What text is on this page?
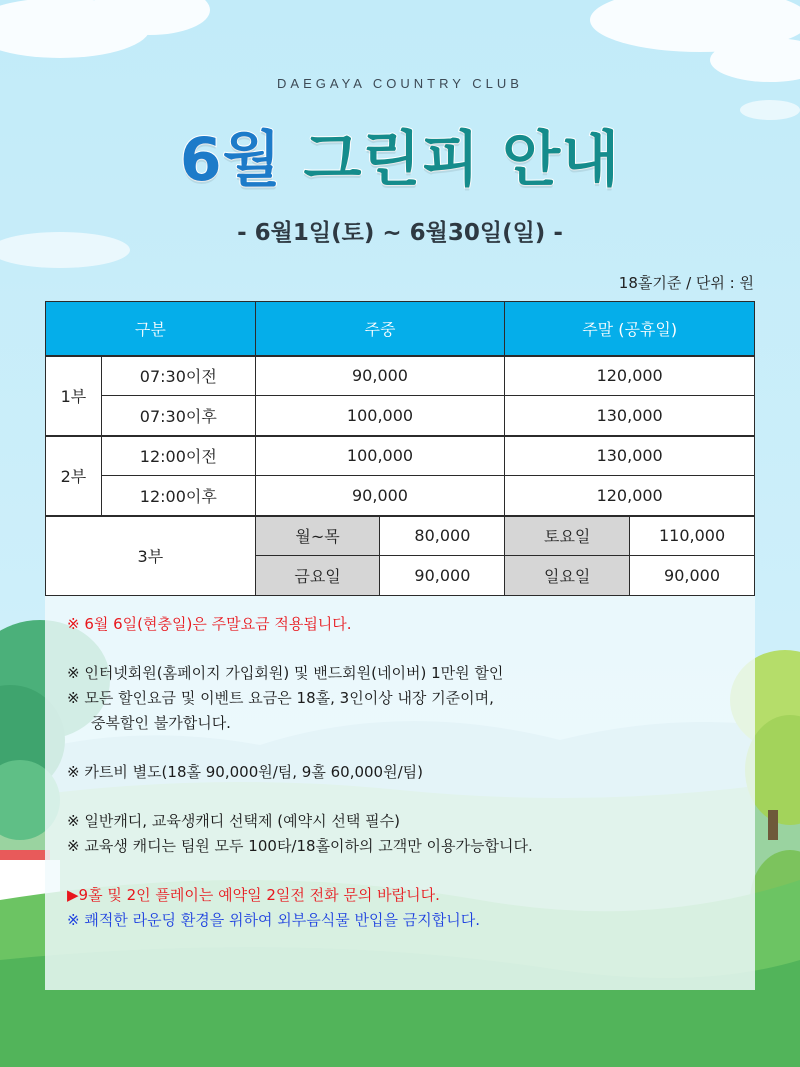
DAEGAYA COUNTRY CLUB
6월 그린피 안내
- 6월1일(토) ~ 6월30일(일) -
18홀기준 / 단위 : 원
구분		주중		주말 (공휴일)	
1부	07:30이전	90,000		120,000	
	07:30이후	100,000		130,000	
2부	12:00이전	100,000		130,000	
	12:00이후	90,000		120,000	
3부		월~목	80,000	토요일	110,000
		금요일	90,000	일요일	90,000

※ 6월 6일(현충일)은 주말요금 적용됩니다.

※ 인터넷회원(홈페이지 가입회원) 및 밴드회원(네이버) 1만원 할인

※ 모든 할인요금 및 이벤트 요금은 18홀, 3인이상 내장 기준이며,

중복할인 불가합니다.

※ 카트비 별도(18홀 90,000원/팀, 9홀 60,000원/팀)

※ 일반캐디, 교육생캐디 선택제 (예약시 선택 필수)

※ 교육생 캐디는 팀원 모두 100타/18홀이하의 고객만 이용가능합니다.

▶9홀 및 2인 플레이는 예약일 2일전 전화 문의 바랍니다.

※ 쾌적한 라운딩 환경을 위하여 외부음식물 반입을 금지합니다.
